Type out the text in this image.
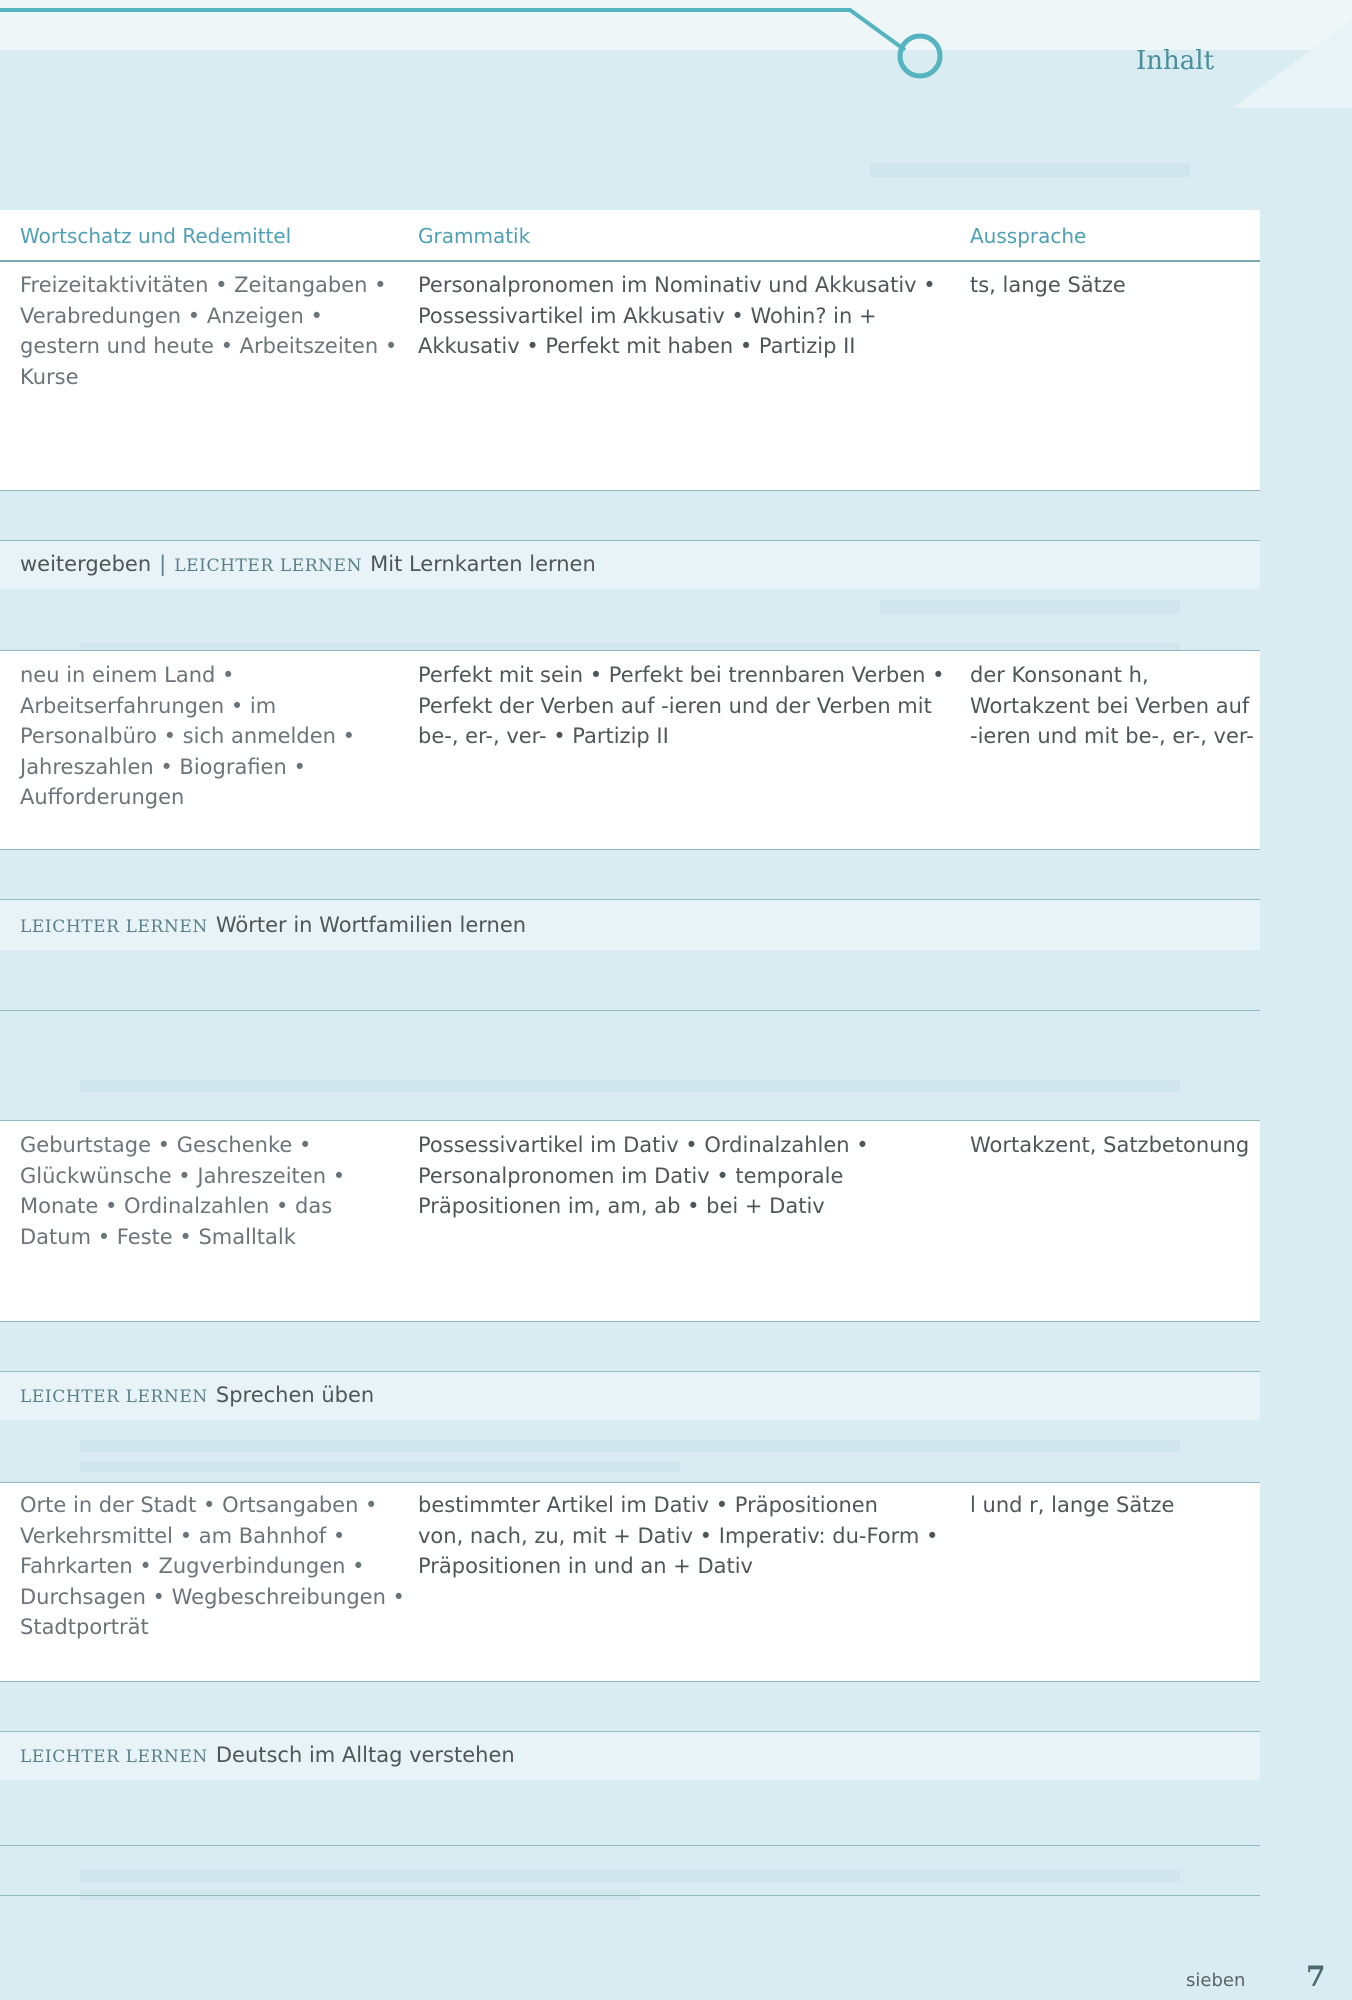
Inhalt
Wortschatz und Redemittel	Grammatik	Aussprache
Freizeitaktivitäten • Zeitangaben •
Verabredungen • Anzeigen •
gestern und heute • Arbeitszeiten •
Kurse
Personalpronomen im Nominativ und Akkusativ •
Possessivartikel im Akkusativ • Wohin? in +
Akkusativ • Perfekt mit haben • Partizip II
ts, lange Sätze
weitergeben | LEICHTER LERNEN Mit Lernkarten lernen
neu in einem Land •
Arbeitserfahrungen • im
Personalbüro • sich anmelden •
Jahreszahlen • Biografien •
Aufforderungen
Perfekt mit sein • Perfekt bei trennbaren Verben •
Perfekt der Verben auf -ieren und der Verben mit
be-, er-, ver- • Partizip II
der Konsonant h,
Wortakzent bei Verben auf
-ieren und mit be-, er-, ver-
LEICHTER LERNEN Wörter in Wortfamilien lernen
Geburtstage • Geschenke •
Glückwünsche • Jahreszeiten •
Monate • Ordinalzahlen • das
Datum • Feste • Smalltalk
Possessivartikel im Dativ • Ordinalzahlen •
Personalpronomen im Dativ • temporale
Präpositionen im, am, ab • bei + Dativ
Wortakzent, Satzbetonung
LEICHTER LERNEN Sprechen üben
Orte in der Stadt • Ortsangaben •
Verkehrsmittel • am Bahnhof •
Fahrkarten • Zugverbindungen •
Durchsagen • Wegbeschreibungen •
Stadtporträt
bestimmter Artikel im Dativ • Präpositionen
von, nach, zu, mit + Dativ • Imperativ: du-Form •
Präpositionen in und an + Dativ
l und r, lange Sätze
LEICHTER LERNEN Deutsch im Alltag verstehen
sieben 7
